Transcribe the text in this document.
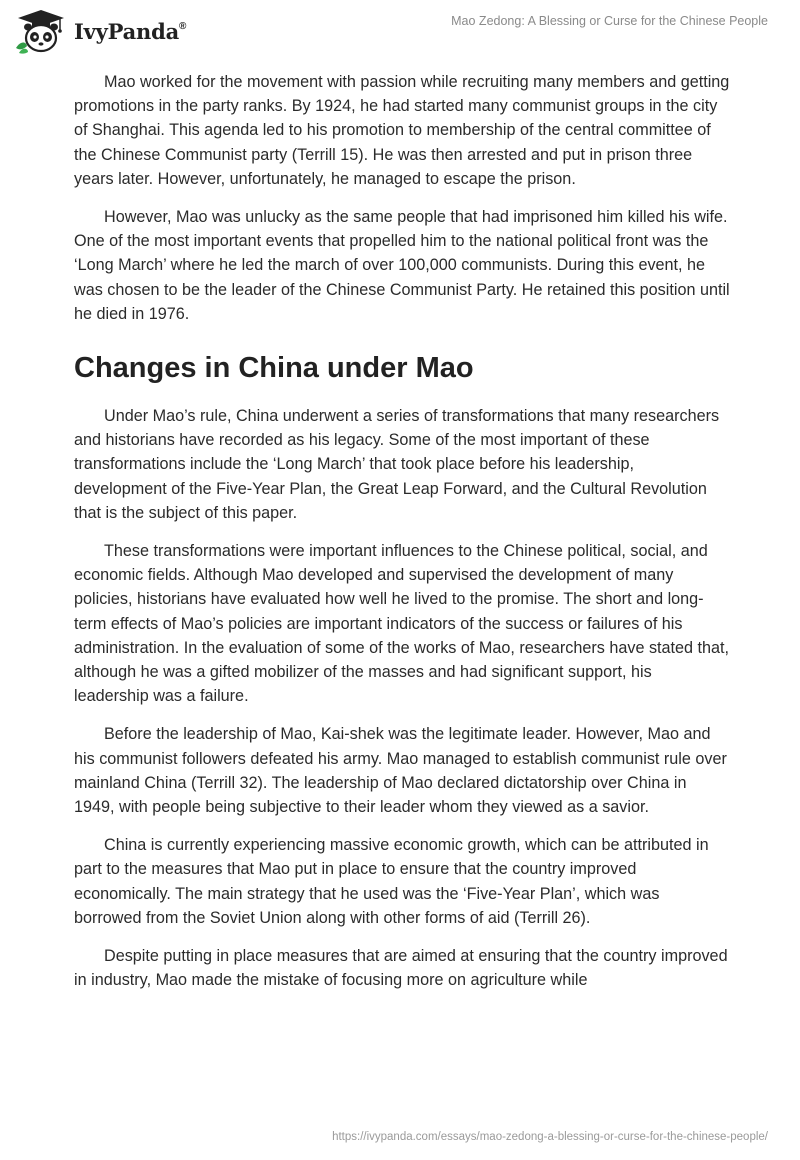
IvyPanda®	Mao Zedong: A Blessing or Curse for the Chinese People

Mao worked for the movement with passion while recruiting many members and getting promotions in the party ranks. By 1924, he had started many communist groups in the city of Shanghai. This agenda led to his promotion to membership of the central committee of the Chinese Communist party (Terrill 15). He was then arrested and put in prison three years later. However, unfortunately, he managed to escape the prison.

However, Mao was unlucky as the same people that had imprisoned him killed his wife. One of the most important events that propelled him to the national political front was the ‘Long March’ where he led the march of over 100,000 communists. During this event, he was chosen to be the leader of the Chinese Communist Party. He retained this position until he died in 1976.

Changes in China under Mao

Under Mao’s rule, China underwent a series of transformations that many researchers and historians have recorded as his legacy. Some of the most important of these transformations include the ‘Long March’ that took place before his leadership, development of the Five-Year Plan, the Great Leap Forward, and the Cultural Revolution that is the subject of this paper.

These transformations were important influences to the Chinese political, social, and economic fields. Although Mao developed and supervised the development of many policies, historians have evaluated how well he lived to the promise. The short and long-term effects of Mao’s policies are important indicators of the success or failures of his administration. In the evaluation of some of the works of Mao, researchers have stated that, although he was a gifted mobilizer of the masses and had significant support, his leadership was a failure.

Before the leadership of Mao, Kai-shek was the legitimate leader. However, Mao and his communist followers defeated his army. Mao managed to establish communist rule over mainland China (Terrill 32). The leadership of Mao declared dictatorship over China in 1949, with people being subjective to their leader whom they viewed as a savior.

China is currently experiencing massive economic growth, which can be attributed in part to the measures that Mao put in place to ensure that the country improved economically. The main strategy that he used was the ‘Five-Year Plan’, which was borrowed from the Soviet Union along with other forms of aid (Terrill 26).

Despite putting in place measures that are aimed at ensuring that the country improved in industry, Mao made the mistake of focusing more on agriculture while

https://ivypanda.com/essays/mao-zedong-a-blessing-or-curse-for-the-chinese-people/
